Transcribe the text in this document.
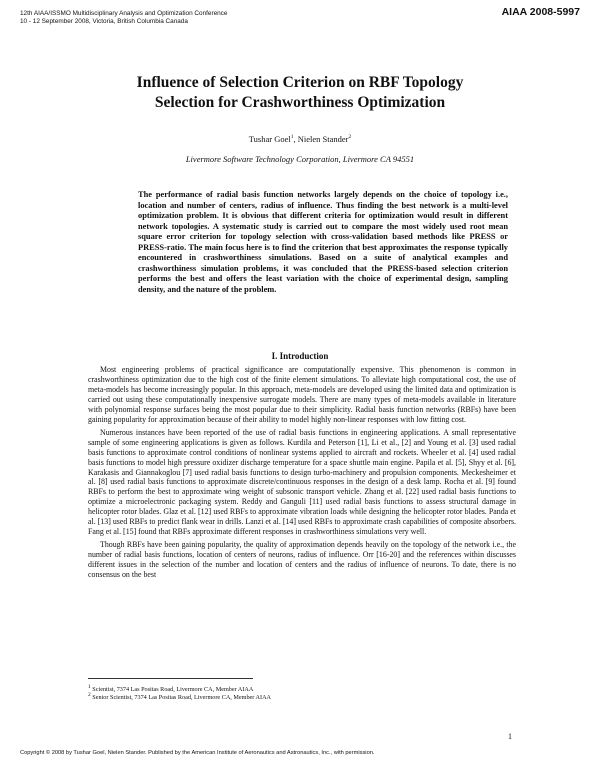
12th AIAA/ISSMO Multidisciplinary Analysis and Optimization Conference
10 - 12 September 2008, Victoria, British Columbia Canada
AIAA 2008-5997
Influence of Selection Criterion on RBF Topology
Selection for Crashworthiness Optimization
Tushar Goel$^1$, Nielen Stander$^2$
Livermore Software Technology Corporation, Livermore CA 94551
The performance of radial basis function networks largely depends on the choice of topology i.e., location and number of centers, radius of influence. Thus finding the best network is a multi-level optimization problem. It is obvious that different criteria for optimization would result in different network topologies. A systematic study is carried out to compare the most widely used root mean square error criterion for topology selection with cross-validation based methods like PRESS or PRESS-ratio. The main focus here is to find the criterion that best approximates the response typically encountered in crashworthiness simulations. Based on a suite of analytical examples and crashworthiness simulation problems, it was concluded that the PRESS-based selection criterion performs the best and offers the least variation with the choice of experimental design, sampling density, and the nature of the problem.
I. Introduction

Most engineering problems of practical significance are computationally expensive. This phenomenon is common in crashworthiness optimization due to the high cost of the finite element simulations. To alleviate high computational cost, the use of meta-models has become increasingly popular. In this approach, meta-models are developed using the limited data and optimization is carried out using these computationally inexpensive surrogate models. There are many types of meta-models available in literature with polynomial response surfaces being the most popular due to their simplicity. Radial basis function networks (RBFs) have been gaining popularity for approximation because of their ability to model highly non-linear responses with low fitting cost.

Numerous instances have been reported of the use of radial basis functions in engineering applications. A small representative sample of some engineering applications is given as follows. Kurdila and Peterson [1], Li et al., [2] and Young et al. [3] used radial basis functions to approximate control conditions of nonlinear systems applied to aircraft and rockets. Wheeler et al. [4] used radial basis functions to model high pressure oxidizer discharge temperature for a space shuttle main engine. Papila et al. [5], Shyy et al. [6], Karakasis and Giannakoglou [7] used radial basis functions to design turbo-machinery and propulsion components. Meckesheimer et al. [8] used radial basis functions to approximate discrete/continuous responses in the design of a desk lamp. Rocha et al. [9] found RBFs to perform the best to approximate wing weight of subsonic transport vehicle. Zhang et al. [22] used radial basis functions to optimize a microelectronic packaging system. Reddy and Ganguli [11] used radial basis functions to assess structural damage in helicopter rotor blades. Glaz et al. [12] used RBFs to approximate vibration loads while designing the helicopter rotor blades. Panda et al. [13] used RBFs to predict flank wear in drills. Lanzi et al. [14] used RBFs to approximate crash capabilities of composite absorbers. Fang et al. [15] found that RBFs approximate different responses in crashworthiness simulations very well.

Though RBFs have been gaining popularity, the quality of approximation depends heavily on the topology of the network i.e., the number of radial basis functions, location of centers of neurons, radius of influence. Orr [16-20] and the references within discusses different issues in the selection of the number and location of centers and the radius of influence of neurons. To date, there is no consensus on the best

$^1$ Scientist, 7374 Las Positas Road, Livermore CA, Member AIAA
$^2$ Senior Scientist, 7374 Las Positas Road, Livermore CA, Member AIAA
1
Copyright © 2008 by Tushar Goel, Nielen Stander. Published by the American Institute of Aeronautics and Astronautics, Inc., with permission.
